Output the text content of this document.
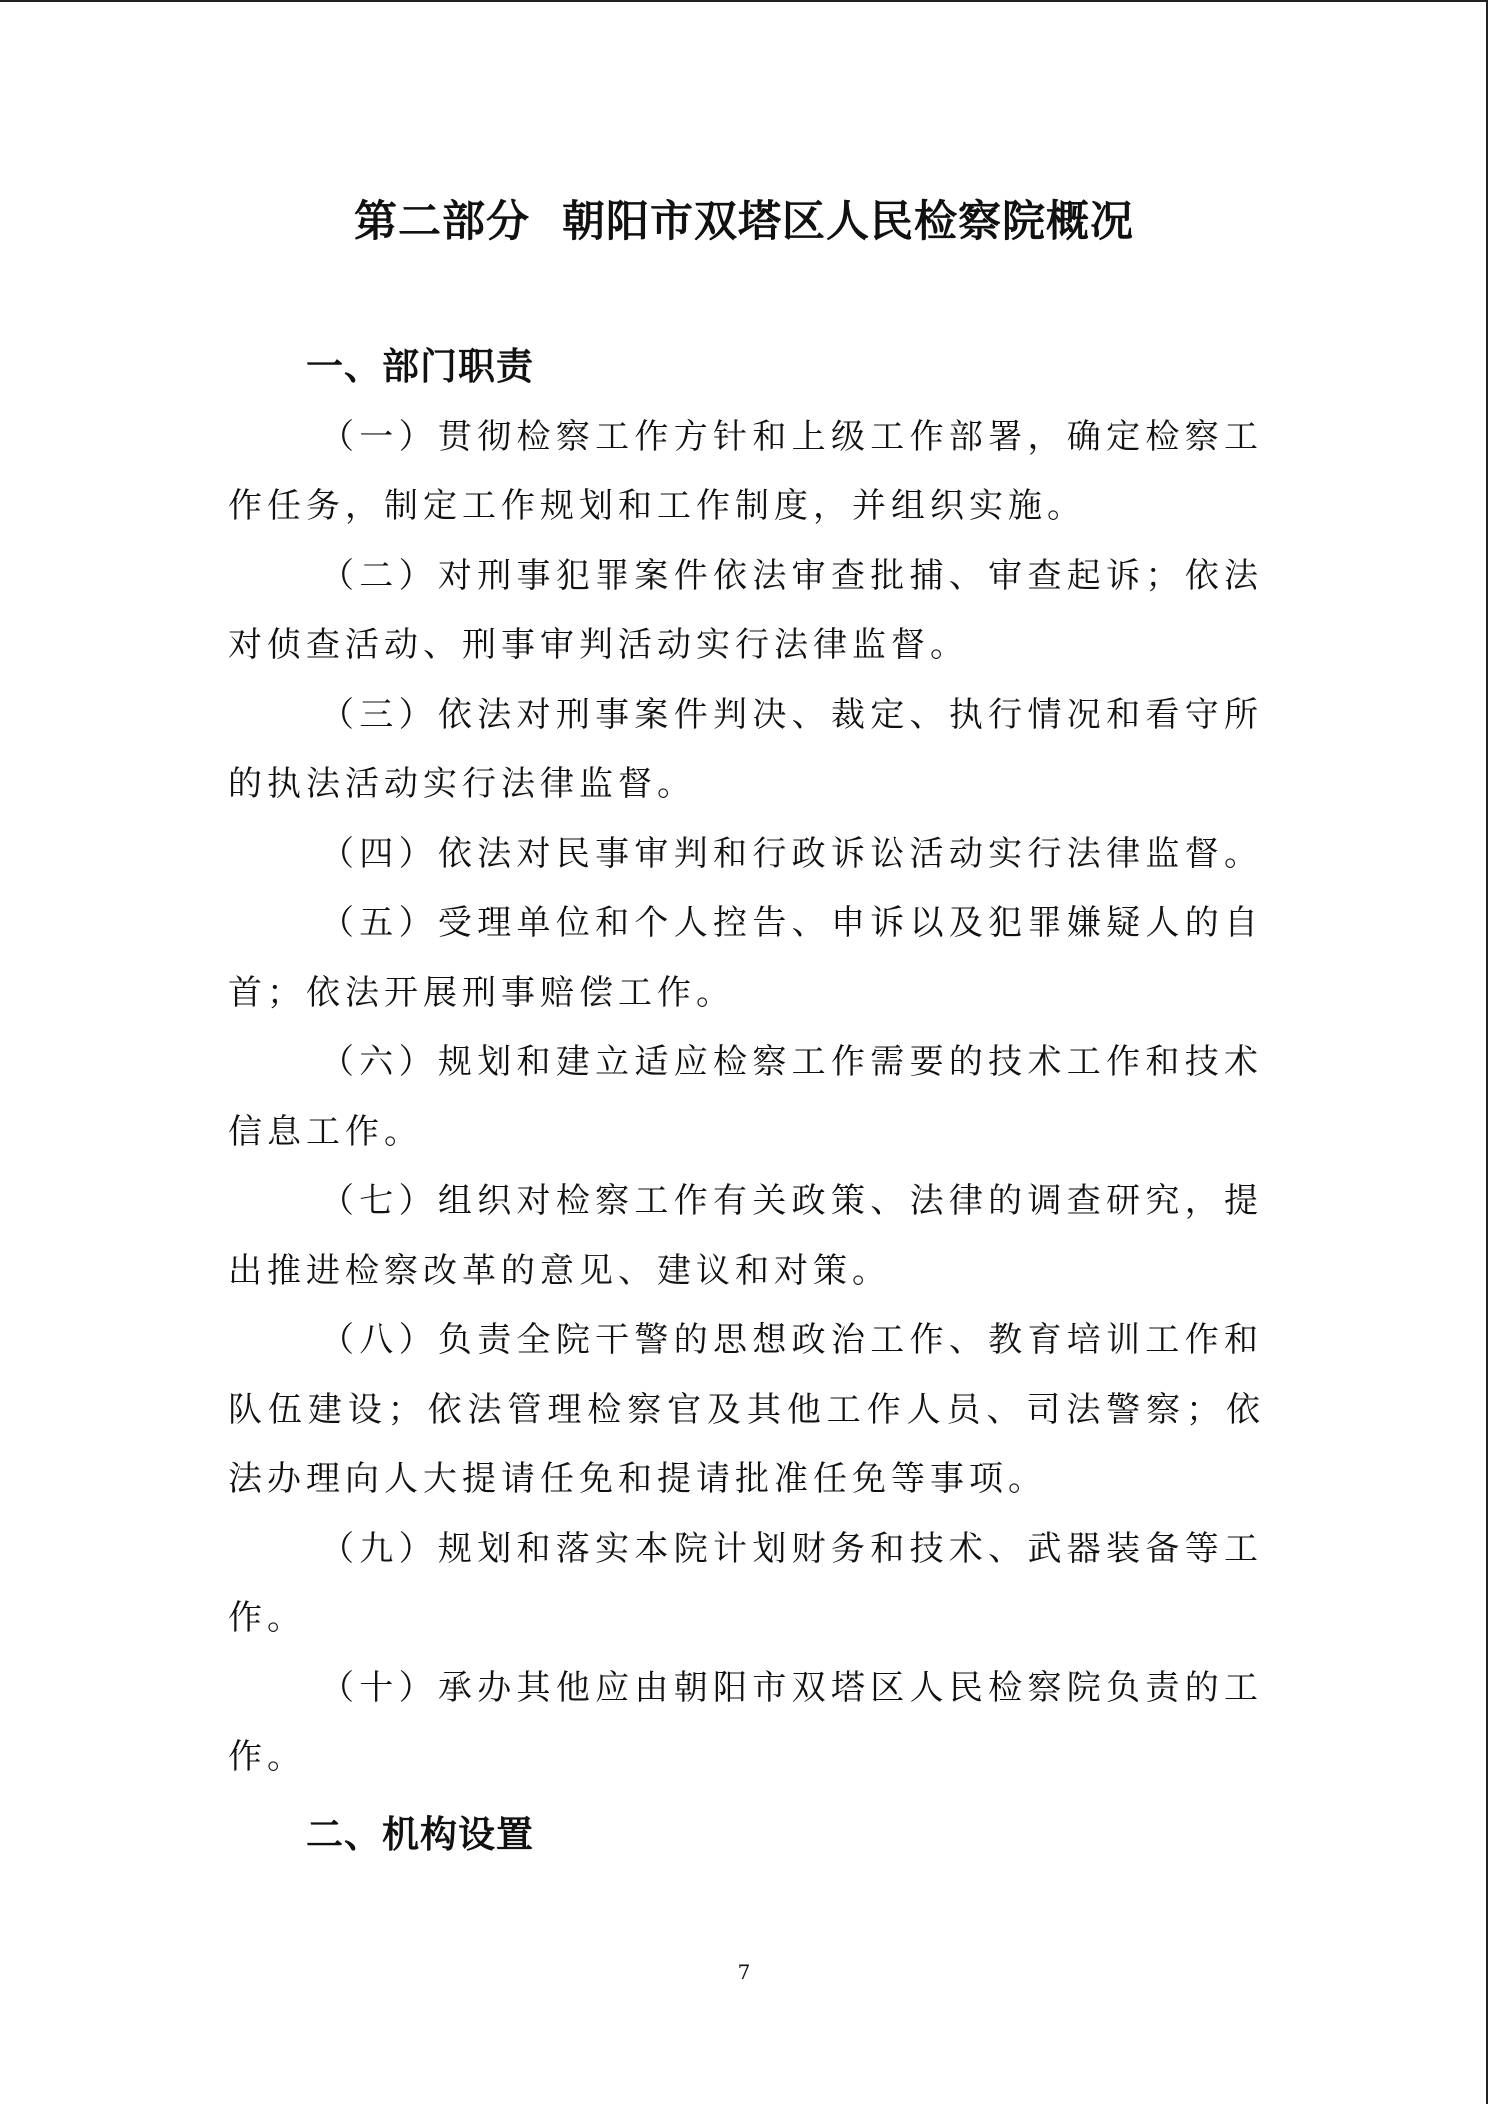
第二部分  朝阳市双塔区人民检察院概况
一、部门职责
（一）贯彻检察工作方针和上级工作部署，确定检察工
作任务，制定工作规划和工作制度，并组织实施。
（二）对刑事犯罪案件依法审查批捕、审查起诉；依法
对侦查活动、刑事审判活动实行法律监督。
（三）依法对刑事案件判决、裁定、执行情况和看守所
的执法活动实行法律监督。
（四）依法对民事审判和行政诉讼活动实行法律监督。
（五）受理单位和个人控告、申诉以及犯罪嫌疑人的自
首；依法开展刑事赔偿工作。
（六）规划和建立适应检察工作需要的技术工作和技术
信息工作。
（七）组织对检察工作有关政策、法律的调查研究，提
出推进检察改革的意见、建议和对策。
（八）负责全院干警的思想政治工作、教育培训工作和
队伍建设；依法管理检察官及其他工作人员、司法警察；依
法办理向人大提请任免和提请批准任免等事项。
（九）规划和落实本院计划财务和技术、武器装备等工
作。
（十）承办其他应由朝阳市双塔区人民检察院负责的工
作。
二、机构设置
7
